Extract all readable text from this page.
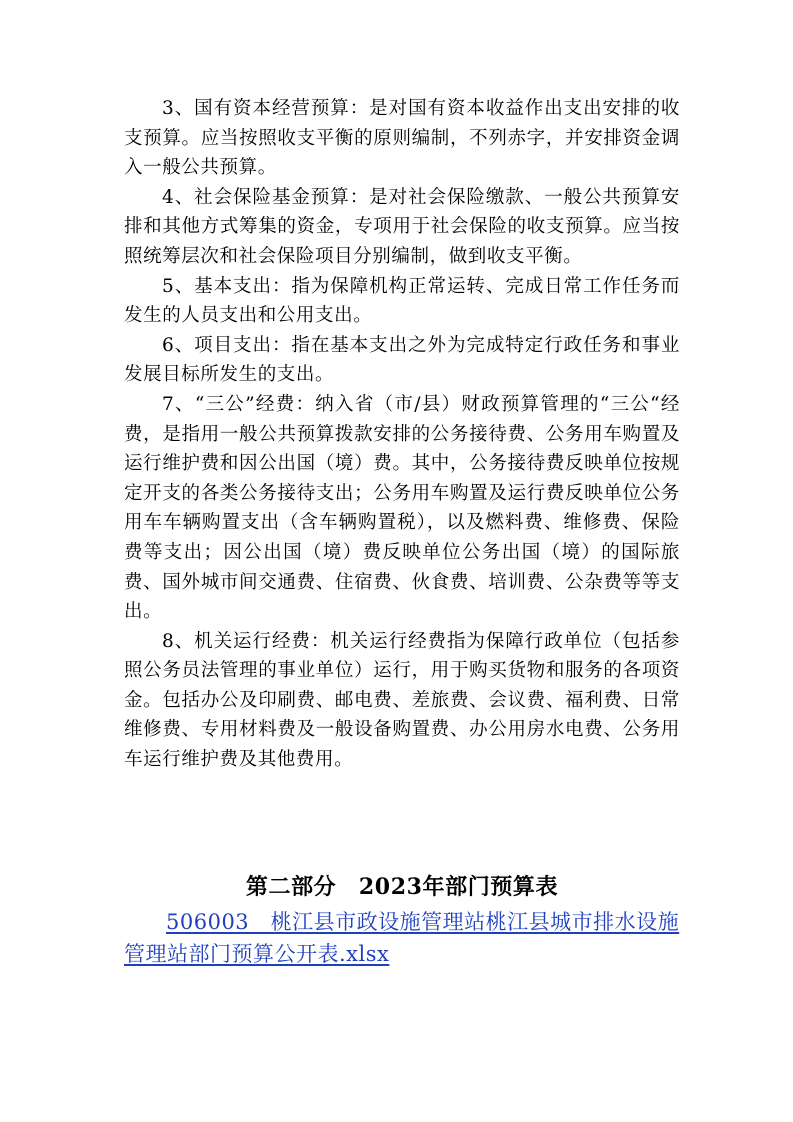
3、国有资本经营预算：是对国有资本收益作出支出安排的收支预算。应当按照收支平衡的原则编制，不列赤字，并安排资金调入一般公共预算。

4、社会保险基金预算：是对社会保险缴款、一般公共预算安排和其他方式筹集的资金，专项用于社会保险的收支预算。应当按照统筹层次和社会保险项目分别编制，做到收支平衡。

5、基本支出：指为保障机构正常运转、完成日常工作任务而发生的人员支出和公用支出。

6、项目支出：指在基本支出之外为完成特定行政任务和事业发展目标所发生的支出。

7、“三公”经费：纳入省（市/县）财政预算管理的“三公“经费，是指用一般公共预算拨款安排的公务接待费、公务用车购置及运行维护费和因公出国（境）费。其中，公务接待费反映单位按规定开支的各类公务接待支出；公务用车购置及运行费反映单位公务用车车辆购置支出（含车辆购置税），以及燃料费、维修费、保险费等支出；因公出国（境）费反映单位公务出国（境）的国际旅费、国外城市间交通费、住宿费、伙食费、培训费、公杂费等等支出。

8、机关运行经费：机关运行经费指为保障行政单位（包括参照公务员法管理的事业单位）运行，用于购买货物和服务的各项资金。包括办公及印刷费、邮电费、差旅费、会议费、福利费、日常维修费、专用材料费及一般设备购置费、办公用房水电费、公务用车运行维护费及其他费用。

第二部分　2023年部门预算表
506003　桃江县市政设施管理站桃江县城市排水设施管理站部门预算公开表.xlsx
